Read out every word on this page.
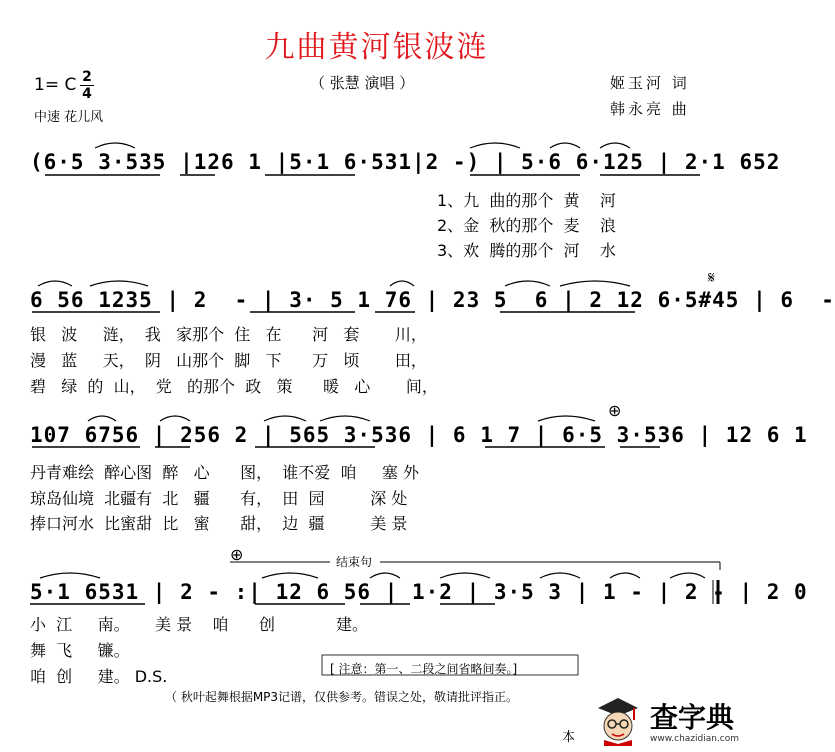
九曲黄河银波涟
1= C 2
4
中速 花儿风
（ 张慧 演唱 ）	姬玉河 词
韩永亮 曲
(6·5 3·535 |126 1 |5·1 6·531|2 -) | 5·6 6·125 | 2·1 652
1、九  曲的那个  黄    河
2、金  秋的那个  麦    浪
3、欢  腾的那个  河    水
6 56 1235 | 2  - | 3· 5 1 76 | 23 5  6 | 2 12 6·5#45 | 6  -
银   波     涟，  我   家那个  住   在      河   套       川，
漫   蓝     天，  阴   山那个  脚   下      万   顷       田，
碧   绿  的  山，  党   的那个  政   策      暖   心       间，
𝄋
107 6756 | 256 2 | 565 3·536 | 6 1 7 | 6·5 3·536 | 12 6 1
丹青难绘  醉心图  醉   心      图，  谁不爱  咱     塞 外
琼岛仙境  北疆有  北   疆      有，  田  园         深 处
捧口河水  比蜜甜  比   蜜      甜，  边  疆         美 景
⊕
⊕	结束句
5·1 6531 | 2 - :| 12 6 56 | 1·2 | 3·5 3 | 1 - | 2 - | 2 0
小  江     南。     美 景    咱      创            建。
舞  飞     镰。
咱  创     建。 D.S.	[ 注意：第一、二段之间省略间奏。]
（ 秋叶起舞根据MP3记谱，仅供参考。错误之处，敬请批评指正。
本
查字典
www.chazidian.com
